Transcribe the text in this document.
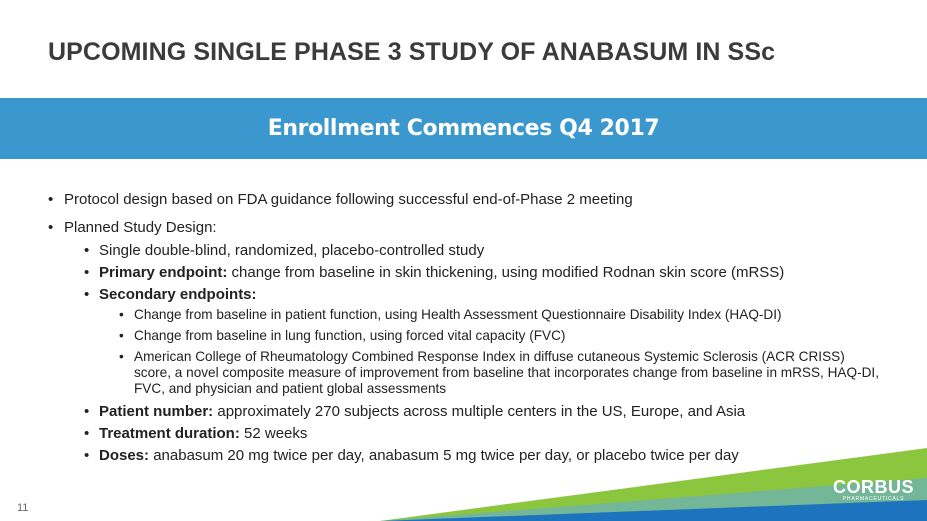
UPCOMING SINGLE PHASE 3 STUDY OF ANABASUM IN SSc
Enrollment Commences Q4 2017
• Protocol design based on FDA guidance following successful end-of-Phase 2 meeting
• Planned Study Design:
• Single double-blind, randomized, placebo-controlled study
• Primary endpoint: change from baseline in skin thickening, using modified Rodnan skin score (mRSS)
• Secondary endpoints:
• Change from baseline in patient function, using Health Assessment Questionnaire Disability Index (HAQ-DI)
• Change from baseline in lung function, using forced vital capacity (FVC)
• American College of Rheumatology Combined Response Index in diffuse cutaneous Systemic Sclerosis (ACR CRISS) score, a novel composite measure of improvement from baseline that incorporates change from baseline in mRSS, HAQ-DI, FVC, and physician and patient global assessments
• Patient number: approximately 270 subjects across multiple centers in the US, Europe, and Asia
• Treatment duration: 52 weeks
• Doses: anabasum 20 mg twice per day, anabasum 5 mg twice per day, or placebo twice per day
11
CORBUS
PHARMACEUTICALS
